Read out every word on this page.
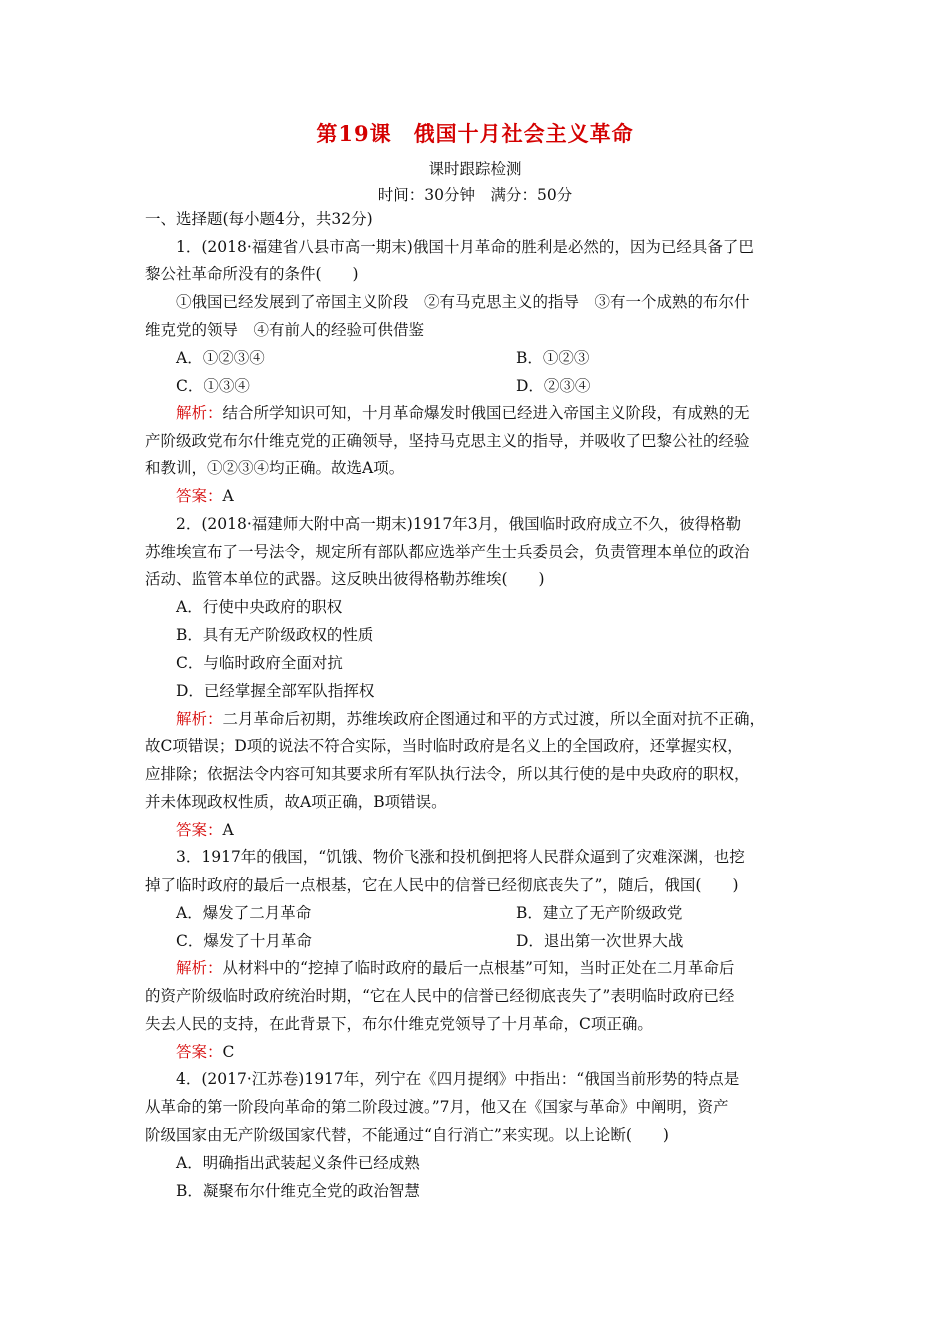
第19课 俄国十月社会主义革命
课时跟踪检测
时间：30分钟　满分：50分
一、选择题(每小题4分，共32分)
1．(2018·福建省八县市高一期末)俄国十月革命的胜利是必然的，因为已经具备了巴
黎公社革命所没有的条件(　　)
①俄国已经发展到了帝国主义阶段　②有马克思主义的指导　③有一个成熟的布尔什
维克党的领导　④有前人的经验可供借鉴
A．①②③④	B．①②③
C．①③④	D．②③④
解析：结合所学知识可知，十月革命爆发时俄国已经进入帝国主义阶段，有成熟的无
产阶级政党布尔什维克党的正确领导，坚持马克思主义的指导，并吸收了巴黎公社的经验
和教训，①②③④均正确。故选A项。
答案：A
2．(2018·福建师大附中高一期末)1917年3月，俄国临时政府成立不久，彼得格勒
苏维埃宣布了一号法令，规定所有部队都应选举产生士兵委员会，负责管理本单位的政治
活动、监管本单位的武器。这反映出彼得格勒苏维埃(　　)
A．行使中央政府的职权
B．具有无产阶级政权的性质
C．与临时政府全面对抗
D．已经掌握全部军队指挥权
解析：二月革命后初期，苏维埃政府企图通过和平的方式过渡，所以全面对抗不正确，
故C项错误；D项的说法不符合实际，当时临时政府是名义上的全国政府，还掌握实权，
应排除；依据法令内容可知其要求所有军队执行法令，所以其行使的是中央政府的职权，
并未体现政权性质，故A项正确，B项错误。
答案：A
3．1917年的俄国，“饥饿、物价飞涨和投机倒把将人民群众逼到了灾难深渊，也挖
掉了临时政府的最后一点根基，它在人民中的信誉已经彻底丧失了”，随后，俄国(　　)
A．爆发了二月革命	B．建立了无产阶级政党
C．爆发了十月革命	D．退出第一次世界大战
解析：从材料中的“挖掉了临时政府的最后一点根基”可知，当时正处在二月革命后
的资产阶级临时政府统治时期，“它在人民中的信誉已经彻底丧失了”表明临时政府已经
失去人民的支持，在此背景下，布尔什维克党领导了十月革命，C项正确。
答案：C
4．(2017·江苏卷)1917年，列宁在《四月提纲》中指出：“俄国当前形势的特点是
从革命的第一阶段向革命的第二阶段过渡。”7月，他又在《国家与革命》中阐明，资产
阶级国家由无产阶级国家代替，不能通过“自行消亡”来实现。以上论断(　　)
A．明确指出武装起义条件已经成熟
B．凝聚布尔什维克全党的政治智慧
